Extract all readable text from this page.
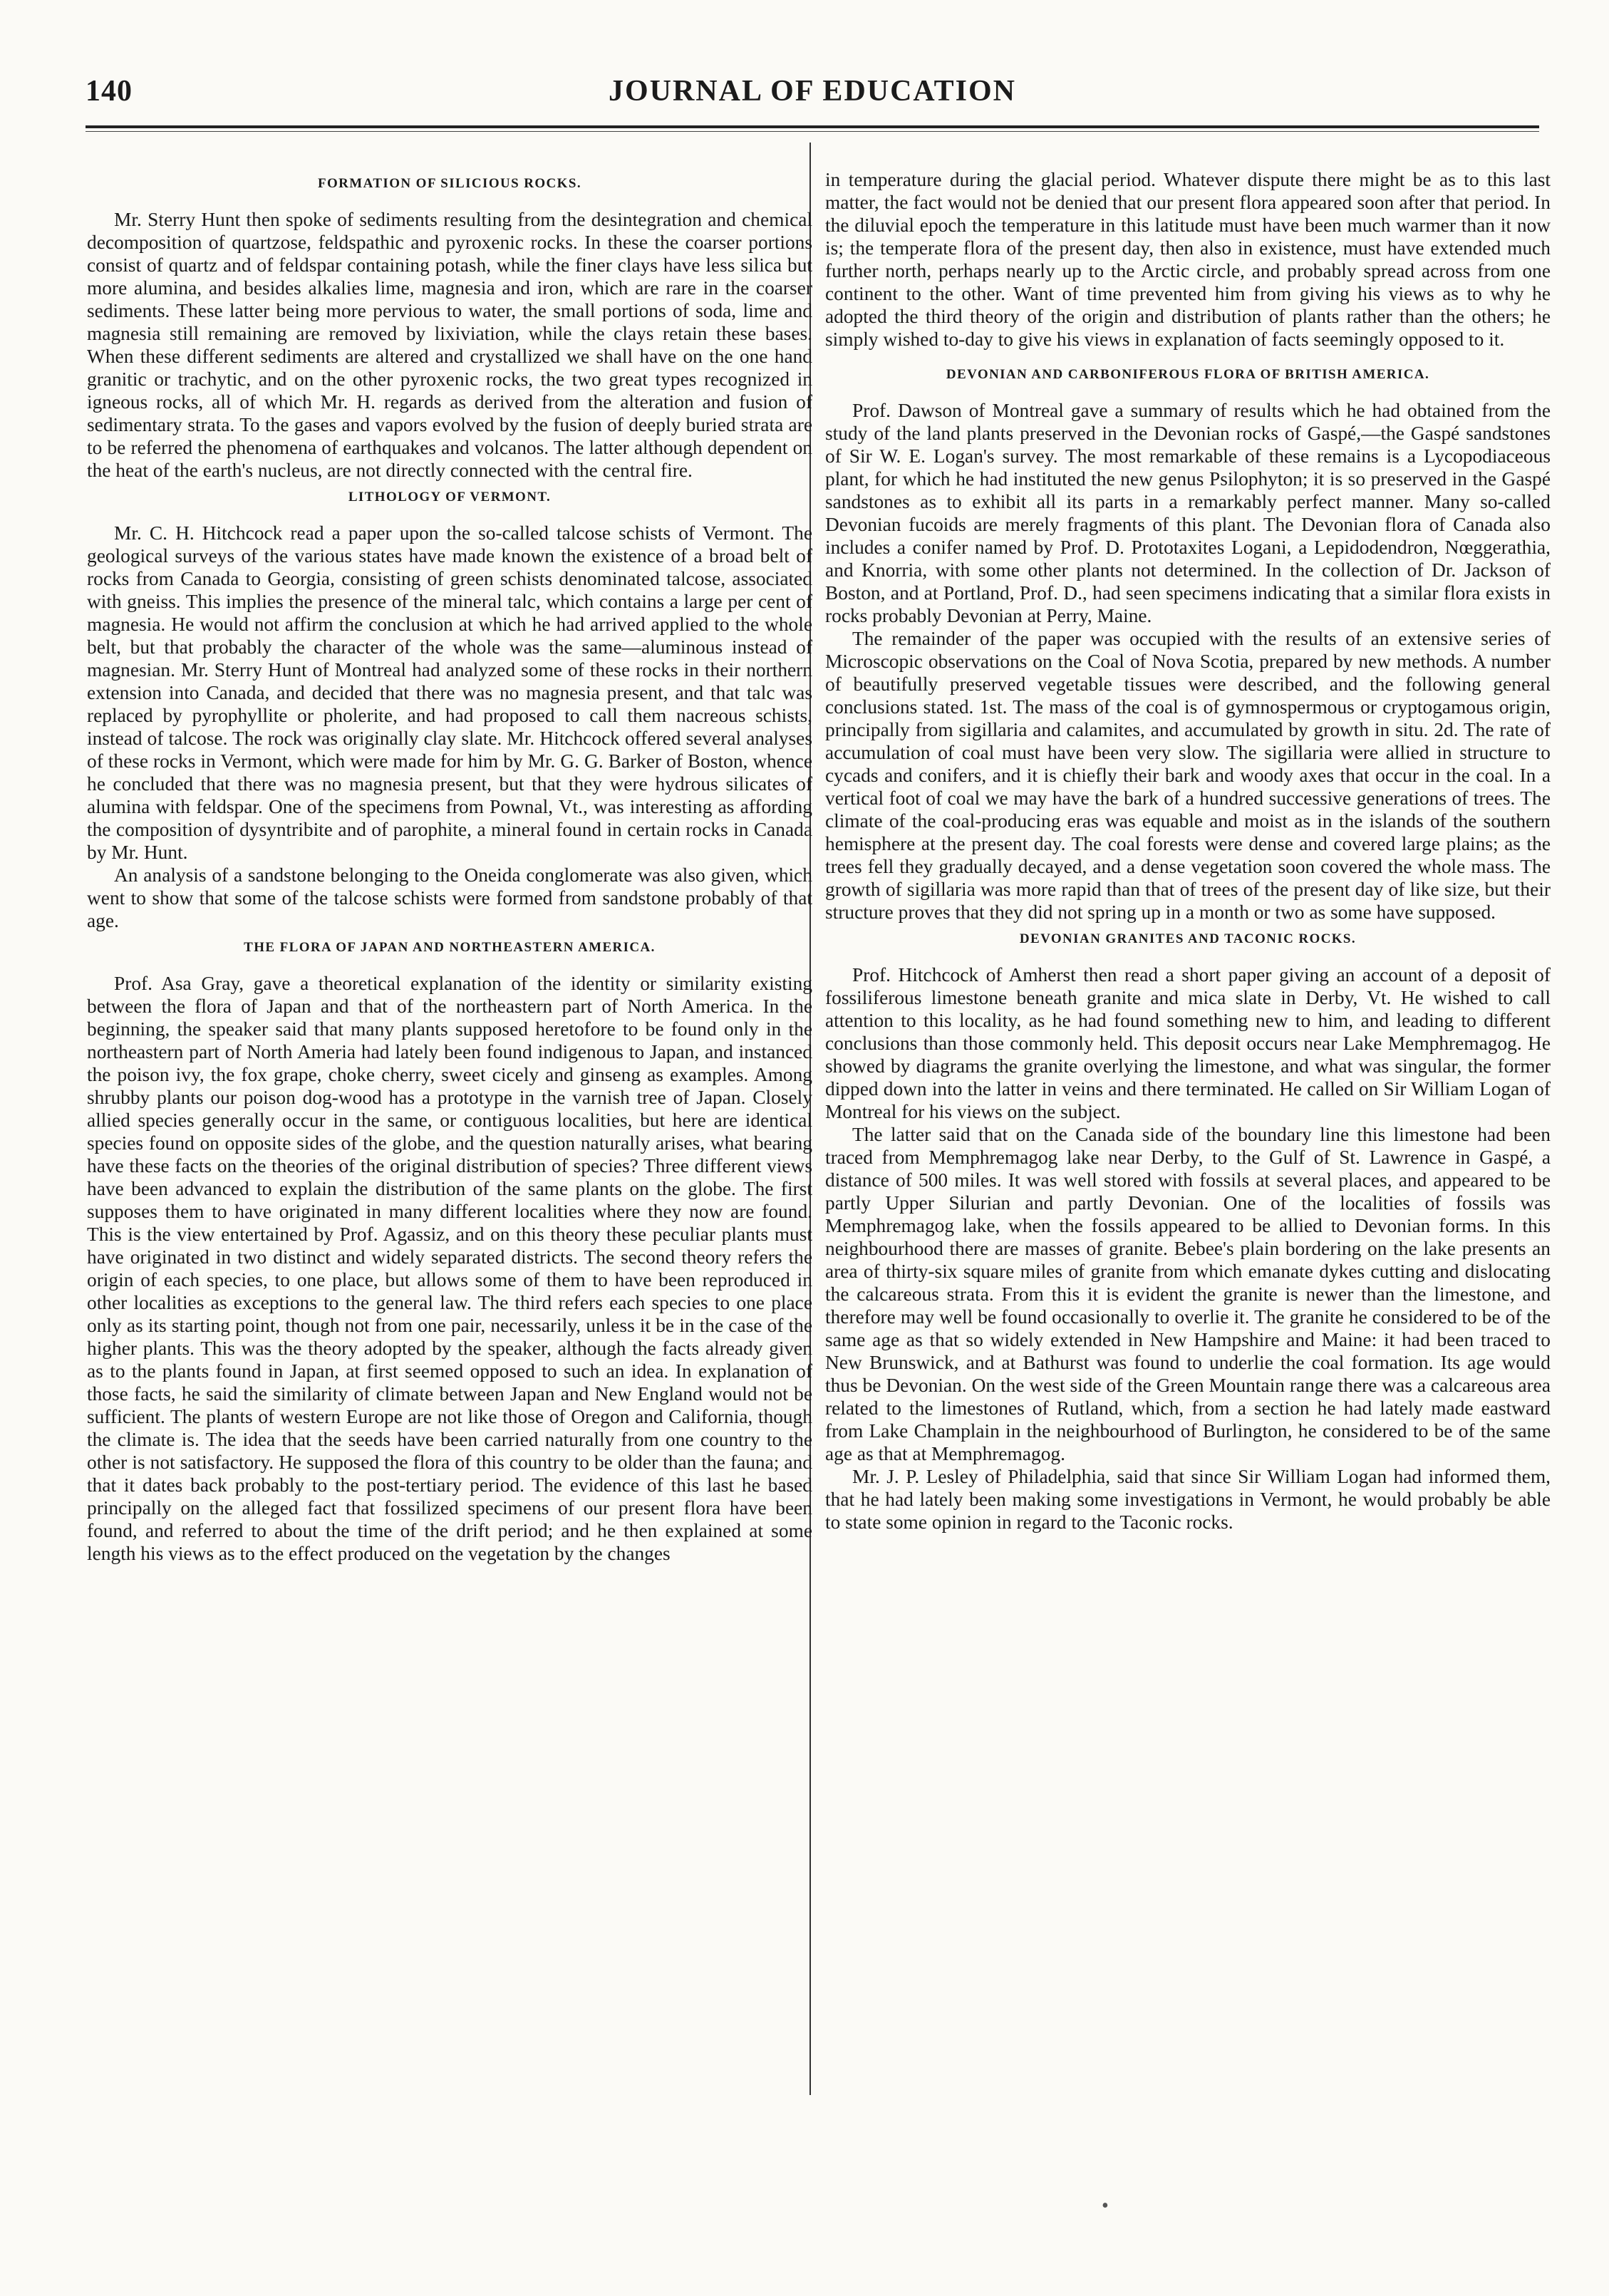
140	JOURNAL OF EDUCATION
FORMATION OF SILICIOUS ROCKS.

Mr. Sterry Hunt then spoke of sediments resulting from the desintegration and chemical decomposition of quartzose, feldspathic and pyroxenic rocks. In these the coarser portions consist of quartz and of feldspar containing potash, while the finer clays have less silica but more alumina, and besides alkalies lime, magnesia and iron, which are rare in the coarser sediments. These latter being more pervious to water, the small portions of soda, lime and magnesia still remaining are removed by lixiviation, while the clays retain these bases. When these different sediments are altered and crystallized we shall have on the one hand granitic or trachytic, and on the other pyroxenic rocks, the two great types recognized in igneous rocks, all of which Mr. H. regards as derived from the alteration and fusion of sedimentary strata. To the gases and vapors evolved by the fusion of deeply buried strata are to be referred the phenomena of earthquakes and volcanos. The latter although dependent on the heat of the earth's nucleus, are not directly connected with the central fire.

LITHOLOGY OF VERMONT.

Mr. C. H. Hitchcock read a paper upon the so-called talcose schists of Vermont. The geological surveys of the various states have made known the existence of a broad belt of rocks from Canada to Georgia, consisting of green schists denominated talcose, associated with gneiss. This implies the presence of the mineral talc, which contains a large per cent of magnesia. He would not affirm the conclusion at which he had arrived applied to the whole belt, but that probably the character of the whole was the same—aluminous instead of magnesian. Mr. Sterry Hunt of Montreal had analyzed some of these rocks in their northern extension into Canada, and decided that there was no magnesia present, and that talc was replaced by pyrophyllite or pholerite, and had proposed to call them nacreous schists, instead of talcose. The rock was originally clay slate. Mr. Hitchcock offered several analyses of these rocks in Vermont, which were made for him by Mr. G. G. Barker of Boston, whence he concluded that there was no magnesia present, but that they were hydrous silicates of alumina with feldspar. One of the specimens from Pownal, Vt., was interesting as affording the composition of dysyntribite and of parophite, a mineral found in certain rocks in Canada by Mr. Hunt.

An analysis of a sandstone belonging to the Oneida conglomerate was also given, which went to show that some of the talcose schists were formed from sandstone probably of that age.

THE FLORA OF JAPAN AND NORTHEASTERN AMERICA.

Prof. Asa Gray, gave a theoretical explanation of the identity or similarity existing between the flora of Japan and that of the northeastern part of North America. In the beginning, the speaker said that many plants supposed heretofore to be found only in the northeastern part of North Ameria had lately been found indigenous to Japan, and instanced the poison ivy, the fox grape, choke cherry, sweet cicely and ginseng as examples. Among shrubby plants our poison dog-wood has a prototype in the varnish tree of Japan. Closely allied species generally occur in the same, or contiguous localities, but here are identical species found on opposite sides of the globe, and the question naturally arises, what bearing have these facts on the theories of the original distribution of species? Three different views have been advanced to explain the distribution of the same plants on the globe. The first supposes them to have originated in many different localities where they now are found. This is the view entertained by Prof. Agassiz, and on this theory these peculiar plants must have originated in two distinct and widely separated districts. The second theory refers the origin of each species, to one place, but allows some of them to have been reproduced in other localities as exceptions to the general law. The third refers each species to one place only as its starting point, though not from one pair, necessarily, unless it be in the case of the higher plants. This was the theory adopted by the speaker, although the facts already given as to the plants found in Japan, at first seemed opposed to such an idea. In explanation of those facts, he said the similarity of climate between Japan and New England would not be sufficient. The plants of western Europe are not like those of Oregon and California, though the climate is. The idea that the seeds have been carried naturally from one country to the other is not satisfactory. He supposed the flora of this country to be older than the fauna; and that it dates back probably to the post-tertiary period. The evidence of this last he based principally on the alleged fact that fossilized specimens of our present flora have been found, and referred to about the time of the drift period; and he then explained at some length his views as to the effect produced on the vegetation by the changes

in temperature during the glacial period. Whatever dispute there might be as to this last matter, the fact would not be denied that our present flora appeared soon after that period. In the diluvial epoch the temperature in this latitude must have been much warmer than it now is; the temperate flora of the present day, then also in existence, must have extended much further north, perhaps nearly up to the Arctic circle, and probably spread across from one continent to the other. Want of time prevented him from giving his views as to why he adopted the third theory of the origin and distribution of plants rather than the others; he simply wished to-day to give his views in explanation of facts seemingly opposed to it.

DEVONIAN AND CARBONIFEROUS FLORA OF BRITISH AMERICA.

Prof. Dawson of Montreal gave a summary of results which he had obtained from the study of the land plants preserved in the Devonian rocks of Gaspé,—the Gaspé sandstones of Sir W. E. Logan's survey. The most remarkable of these remains is a Lycopodiaceous plant, for which he had instituted the new genus Psilophyton; it is so preserved in the Gaspé sandstones as to exhibit all its parts in a remarkably perfect manner. Many so-called Devonian fucoids are merely fragments of this plant. The Devonian flora of Canada also includes a conifer named by Prof. D. Prototaxites Logani, a Lepidodendron, Nœggerathia, and Knorria, with some other plants not determined. In the collection of Dr. Jackson of Boston, and at Portland, Prof. D., had seen specimens indicating that a similar flora exists in rocks probably Devonian at Perry, Maine.

The remainder of the paper was occupied with the results of an extensive series of Microscopic observations on the Coal of Nova Scotia, prepared by new methods. A number of beautifully preserved vegetable tissues were described, and the following general conclusions stated. 1st. The mass of the coal is of gymnospermous or cryptogamous origin, principally from sigillaria and calamites, and accumulated by growth in situ. 2d. The rate of accumulation of coal must have been very slow. The sigillaria were allied in structure to cycads and conifers, and it is chiefly their bark and woody axes that occur in the coal. In a vertical foot of coal we may have the bark of a hundred successive generations of trees. The climate of the coal-producing eras was equable and moist as in the islands of the southern hemisphere at the present day. The coal forests were dense and covered large plains; as the trees fell they gradually decayed, and a dense vegetation soon covered the whole mass. The growth of sigillaria was more rapid than that of trees of the present day of like size, but their structure proves that they did not spring up in a month or two as some have supposed.

DEVONIAN GRANITES AND TACONIC ROCKS.

Prof. Hitchcock of Amherst then read a short paper giving an account of a deposit of fossiliferous limestone beneath granite and mica slate in Derby, Vt. He wished to call attention to this locality, as he had found something new to him, and leading to different conclusions than those commonly held. This deposit occurs near Lake Memphremagog. He showed by diagrams the granite overlying the limestone, and what was singular, the former dipped down into the latter in veins and there terminated. He called on Sir William Logan of Montreal for his views on the subject.

The latter said that on the Canada side of the boundary line this limestone had been traced from Memphremagog lake near Derby, to the Gulf of St. Lawrence in Gaspé, a distance of 500 miles. It was well stored with fossils at several places, and appeared to be partly Upper Silurian and partly Devonian. One of the localities of fossils was Memphremagog lake, when the fossils appeared to be allied to Devonian forms. In this neighbourhood there are masses of granite. Bebee's plain bordering on the lake presents an area of thirty-six square miles of granite from which emanate dykes cutting and dislocating the calcareous strata. From this it is evident the granite is newer than the limestone, and therefore may well be found occasionally to overlie it. The granite he considered to be of the same age as that so widely extended in New Hampshire and Maine: it had been traced to New Brunswick, and at Bathurst was found to underlie the coal formation. Its age would thus be Devonian. On the west side of the Green Mountain range there was a calcareous area related to the limestones of Rutland, which, from a section he had lately made eastward from Lake Champlain in the neighbourhood of Burlington, he considered to be of the same age as that at Memphremagog.

Mr. J. P. Lesley of Philadelphia, said that since Sir William Logan had informed them, that he had lately been making some investigations in Vermont, he would probably be able to state some opinion in regard to the Taconic rocks.

•
